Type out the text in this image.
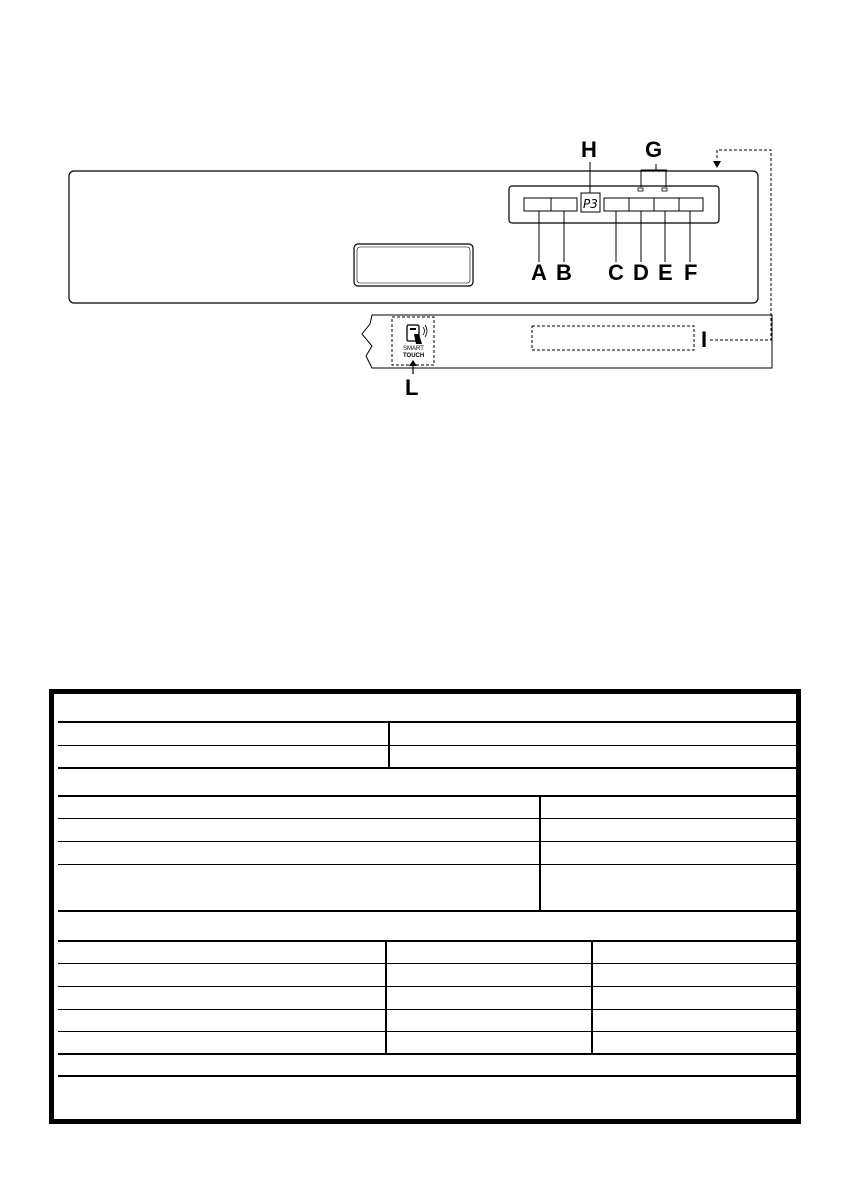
P3
A B C D E F
H G
SMART
TOUCH
L
I
